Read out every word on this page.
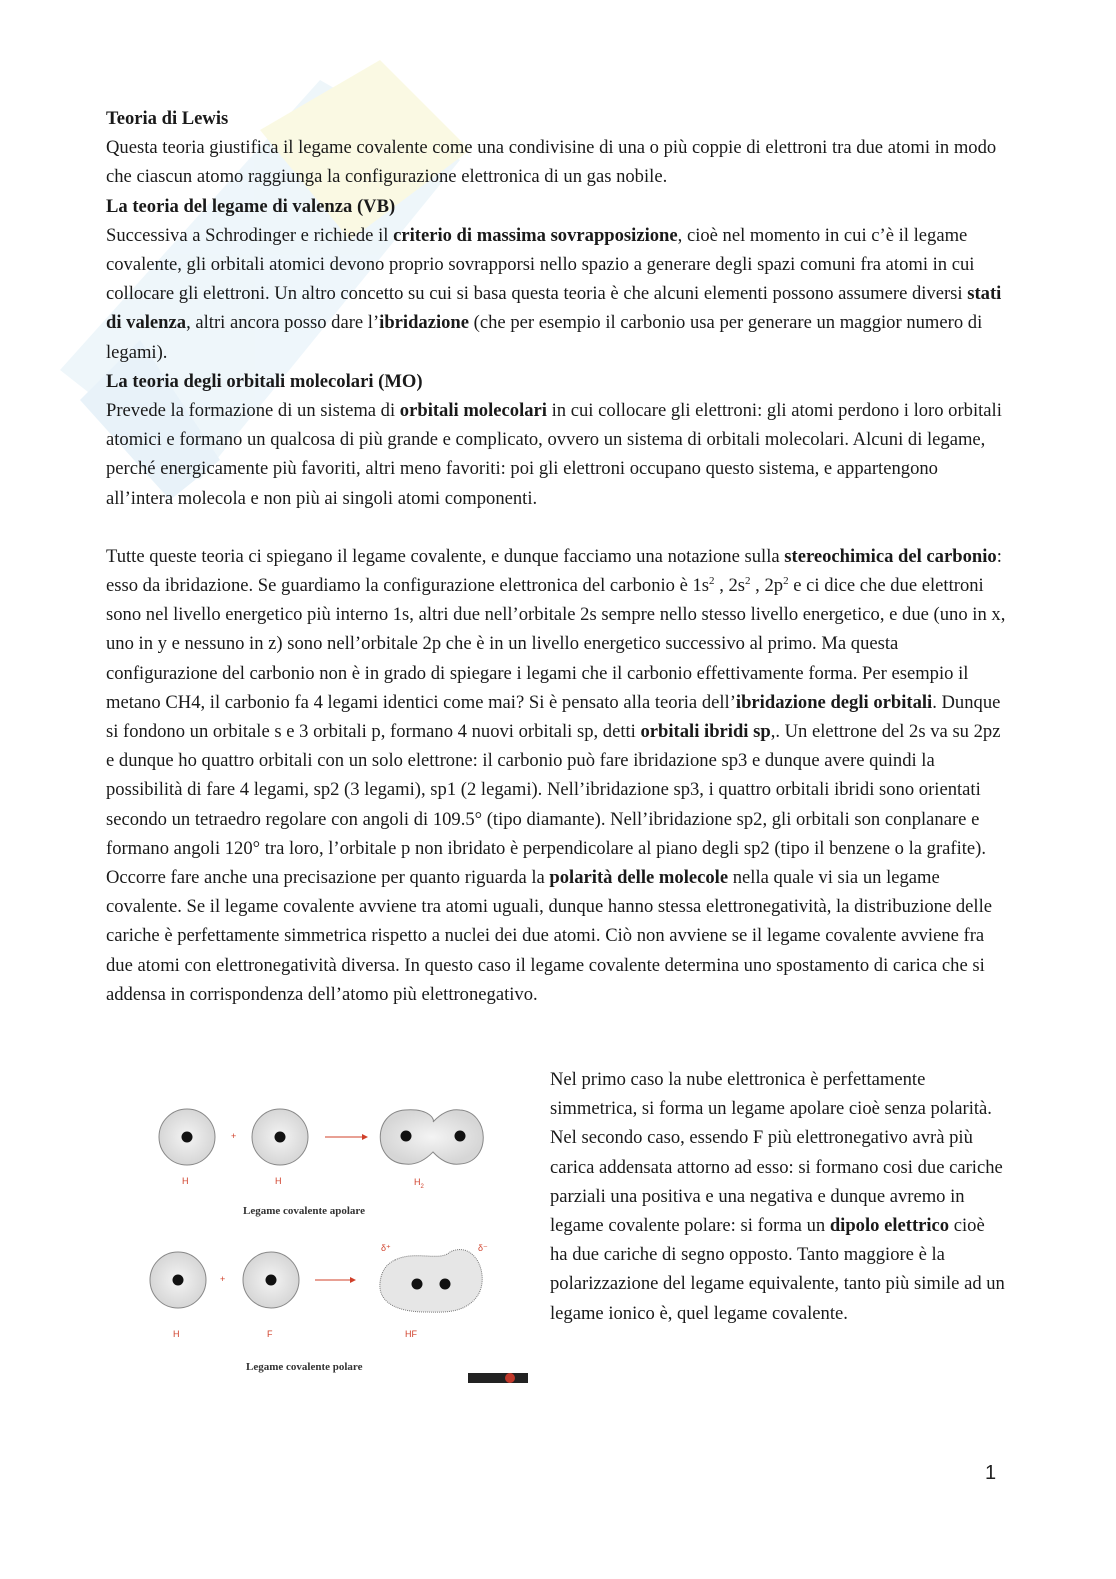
Teoria di Lewis

Questa teoria giustifica il legame covalente come una condivisine di una o più coppie di elettroni tra due atomi in modo che ciascun atomo raggiunga la configurazione elettronica di un gas nobile.

La teoria del legame di valenza (VB)

Successiva a Schrodinger e richiede il criterio di massima sovrapposizione, cioè nel momento in cui c’è il legame covalente, gli orbitali atomici devono proprio sovrapporsi nello spazio a generare degli spazi comuni fra atomi in cui collocare gli elettroni. Un altro concetto su cui si basa questa teoria è che alcuni elementi possono assumere diversi stati di valenza, altri ancora posso dare l’ibridazione (che per esempio il carbonio usa per generare un maggior numero di legami).

La teoria degli orbitali molecolari (MO)

Prevede la formazione di un sistema di orbitali molecolari in cui collocare gli elettroni: gli atomi perdono i loro orbitali atomici e formano un qualcosa di più grande e complicato, ovvero un sistema di orbitali molecolari. Alcuni di legame, perché energicamente più favoriti, altri meno favoriti: poi gli elettroni occupano questo sistema, e appartengono all’intera molecola e non più ai singoli atomi componenti.

Tutte queste teoria ci spiegano il legame covalente, e dunque facciamo una notazione sulla stereochimica del carbonio: esso da ibridazione. Se guardiamo la configurazione elettronica del carbonio è $1s^2$ , $2s^2$ , $2p^2$ e ci dice che due elettroni sono nel livello energetico più interno 1s, altri due nell’orbitale 2s sempre nello stesso livello energetico, e due (uno in x, uno in y e nessuno in z) sono nell’orbitale 2p che è in un livello energetico successivo al primo. Ma questa configurazione del carbonio non è in grado di spiegare i legami che il carbonio effettivamente forma. Per esempio il metano CH4, il carbonio fa 4 legami identici come mai? Si è pensato alla teoria dell’ibridazione degli orbitali. Dunque si fondono un orbitale s e 3 orbitali p, formano 4 nuovi orbitali sp, detti orbitali ibridi sp,. Un elettrone del 2s va su 2pz e dunque ho quattro orbitali con un solo elettrone: il carbonio può fare ibridazione sp3 e dunque avere quindi la possibilità di fare 4 legami, sp2 (3 legami), sp1 (2 legami). Nell’ibridazione sp3, i quattro orbitali ibridi sono orientati secondo un tetraedro regolare con angoli di 109.5° (tipo diamante). Nell’ibridazione sp2, gli orbitali son conplanare e formano angoli 120° tra loro, l’orbitale p non ibridato è perpendicolare al piano degli sp2 (tipo il benzene o la grafite).

Occorre fare anche una precisazione per quanto riguarda la polarità delle molecole nella quale vi sia un legame covalente. Se il legame covalente avviene tra atomi uguali, dunque hanno stessa elettronegatività, la distribuzione delle cariche è perfettamente simmetrica rispetto a nuclei dei due atomi. Ciò non avviene se il legame covalente avviene fra due atomi con elettronegatività diversa. In questo caso il legame covalente determina uno spostamento di carica che si addensa in corrispondenza dell’atomo più elettronegativo.

+
H	H	$H_2$
Legame covalente apolare
+
δ⁺	δ⁻
H	F	HF
Legame covalente polare

Nel primo caso la nube elettronica è perfettamente simmetrica, si forma un legame apolare cioè senza polarità. Nel secondo caso, essendo F più elettronegativo avrà più carica addensata attorno ad esso: si formano cosi due cariche parziali una positiva e una negativa e dunque avremo in legame covalente polare: si forma un dipolo elettrico cioè ha due cariche di segno opposto. Tanto maggiore è la polarizzazione del legame equivalente, tanto più simile ad un legame ionico è, quel legame covalente.

1
